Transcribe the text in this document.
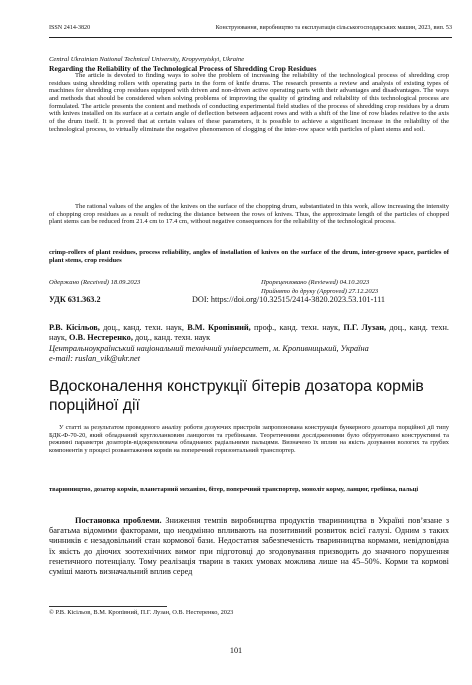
ISSN 2414-3820	Конструювання, виробництво та експлуатація сільськогосподарських машин, 2023, вип. 53
Central Ukrainian National Technical University, Kropyvnytskyi, Ukraine
Regarding the Reliability of the Technological Process of Shredding Crop Residues

The article is devoted to finding ways to solve the problem of increasing the reliability of the technological process of shredding crop residues using shredding rollers with operating parts in the form of knife drums. The research presents a review and analysis of existing types of machines for shredding crop residues equipped with driven and non-driven active operating parts with their advantages and disadvantages. The ways and methods that should be considered when solving problems of improving the quality of grinding and reliability of this technological process are formulated. The article presents the content and methods of conducting experimental field studies of the process of shredding crop residues by a drum with knives installed on its surface at a certain angle of deflection between adjacent rows and with a shift of the line of row blades relative to the axis of the drum itself. It is proved that at certain values of these parameters, it is possible to achieve a significant increase in the reliability of the technological process, to virtually eliminate the negative phenomenon of clogging of the inter-row space with particles of plant stems and soil.

The rational values of the angles of the knives on the surface of the chopping drum, substantiated in this work, allow increasing the intensity of chopping crop residues as a result of reducing the distance between the rows of knives. Thus, the approximate length of the particles of chopped plant stems can be reduced from 21.4 cm to 17.4 cm, without negative consequences for the reliability of the technological process.

crimp-rollers of plant residues, process reliability, angles of installation of knives on the surface of the drum, inter-groove space, particles of plant stems, crop residues

Одержано (Received) 18.09.2023	Прорецензовано (Reviewed) 04.10.2023
Прийнято до друку (Approved) 27.12.2023
УДК 631.363.2	DOI: https://doi.org/10.32515/2414-3820.2023.53.101-111
Р.В. Кісільов, доц., канд. техн. наук, В.М. Кропівний, проф., канд. техн. наук, П.Г. Лузан, доц., канд. техн. наук, О.В. Нестеренко, доц., канд. техн. наук
Центральноукраїнський національний технічний університет, м. Кропивницький, Україна
e-mail: ruslan_vik@ukr.net
Вдосконалення конструкції бітерів дозатора кормів порційної дії

У статті за результатом проведеного аналізу роботи дозуючих пристроїв запропонована конструкція бункерного дозатора порційної дії типу БДК-Ф-70-20, який обладнаний круглоланковим ланцюгом та гребінками. Теоретичними дослідженнями було обґрунтовано конструктивні та режимні параметри дозаторів-відокремлювача обладнаних радіальними пальцями. Визначено їх вплив на якість дозування вологих та грубих компонентів у процесі розвантаження кормів на поперечний горизонтальний транспортер.

тваринництво, дозатор кормів, планетарний механізм, бітер, поперечний транспортер, моноліт корму, ланцюг, гребінка, пальці

Постановка проблеми. Зниження темпів виробництва продуктів тваринництва в Україні пов’язане з багатьма відомими факторами, що неодмінно впливають на позитивний розвиток всієї галузі. Одним з таких чинників є незадовільний стан кормової бази. Недостатня забезпеченість тваринництва кормами, невідповідна їх якість до діючих зоотехнічних вимог при підготовці до згодовування призводить до значного порушення генетичного потенціалу. Тому реалізація тварин в таких умовах можлива лише на 45–50%. Корми та кормові суміші мають визначальний вплив серед

© Р.В. Кісільов, В.М. Кропівний, П.Г. Лузан, О.В. Нестеренко, 2023
101
